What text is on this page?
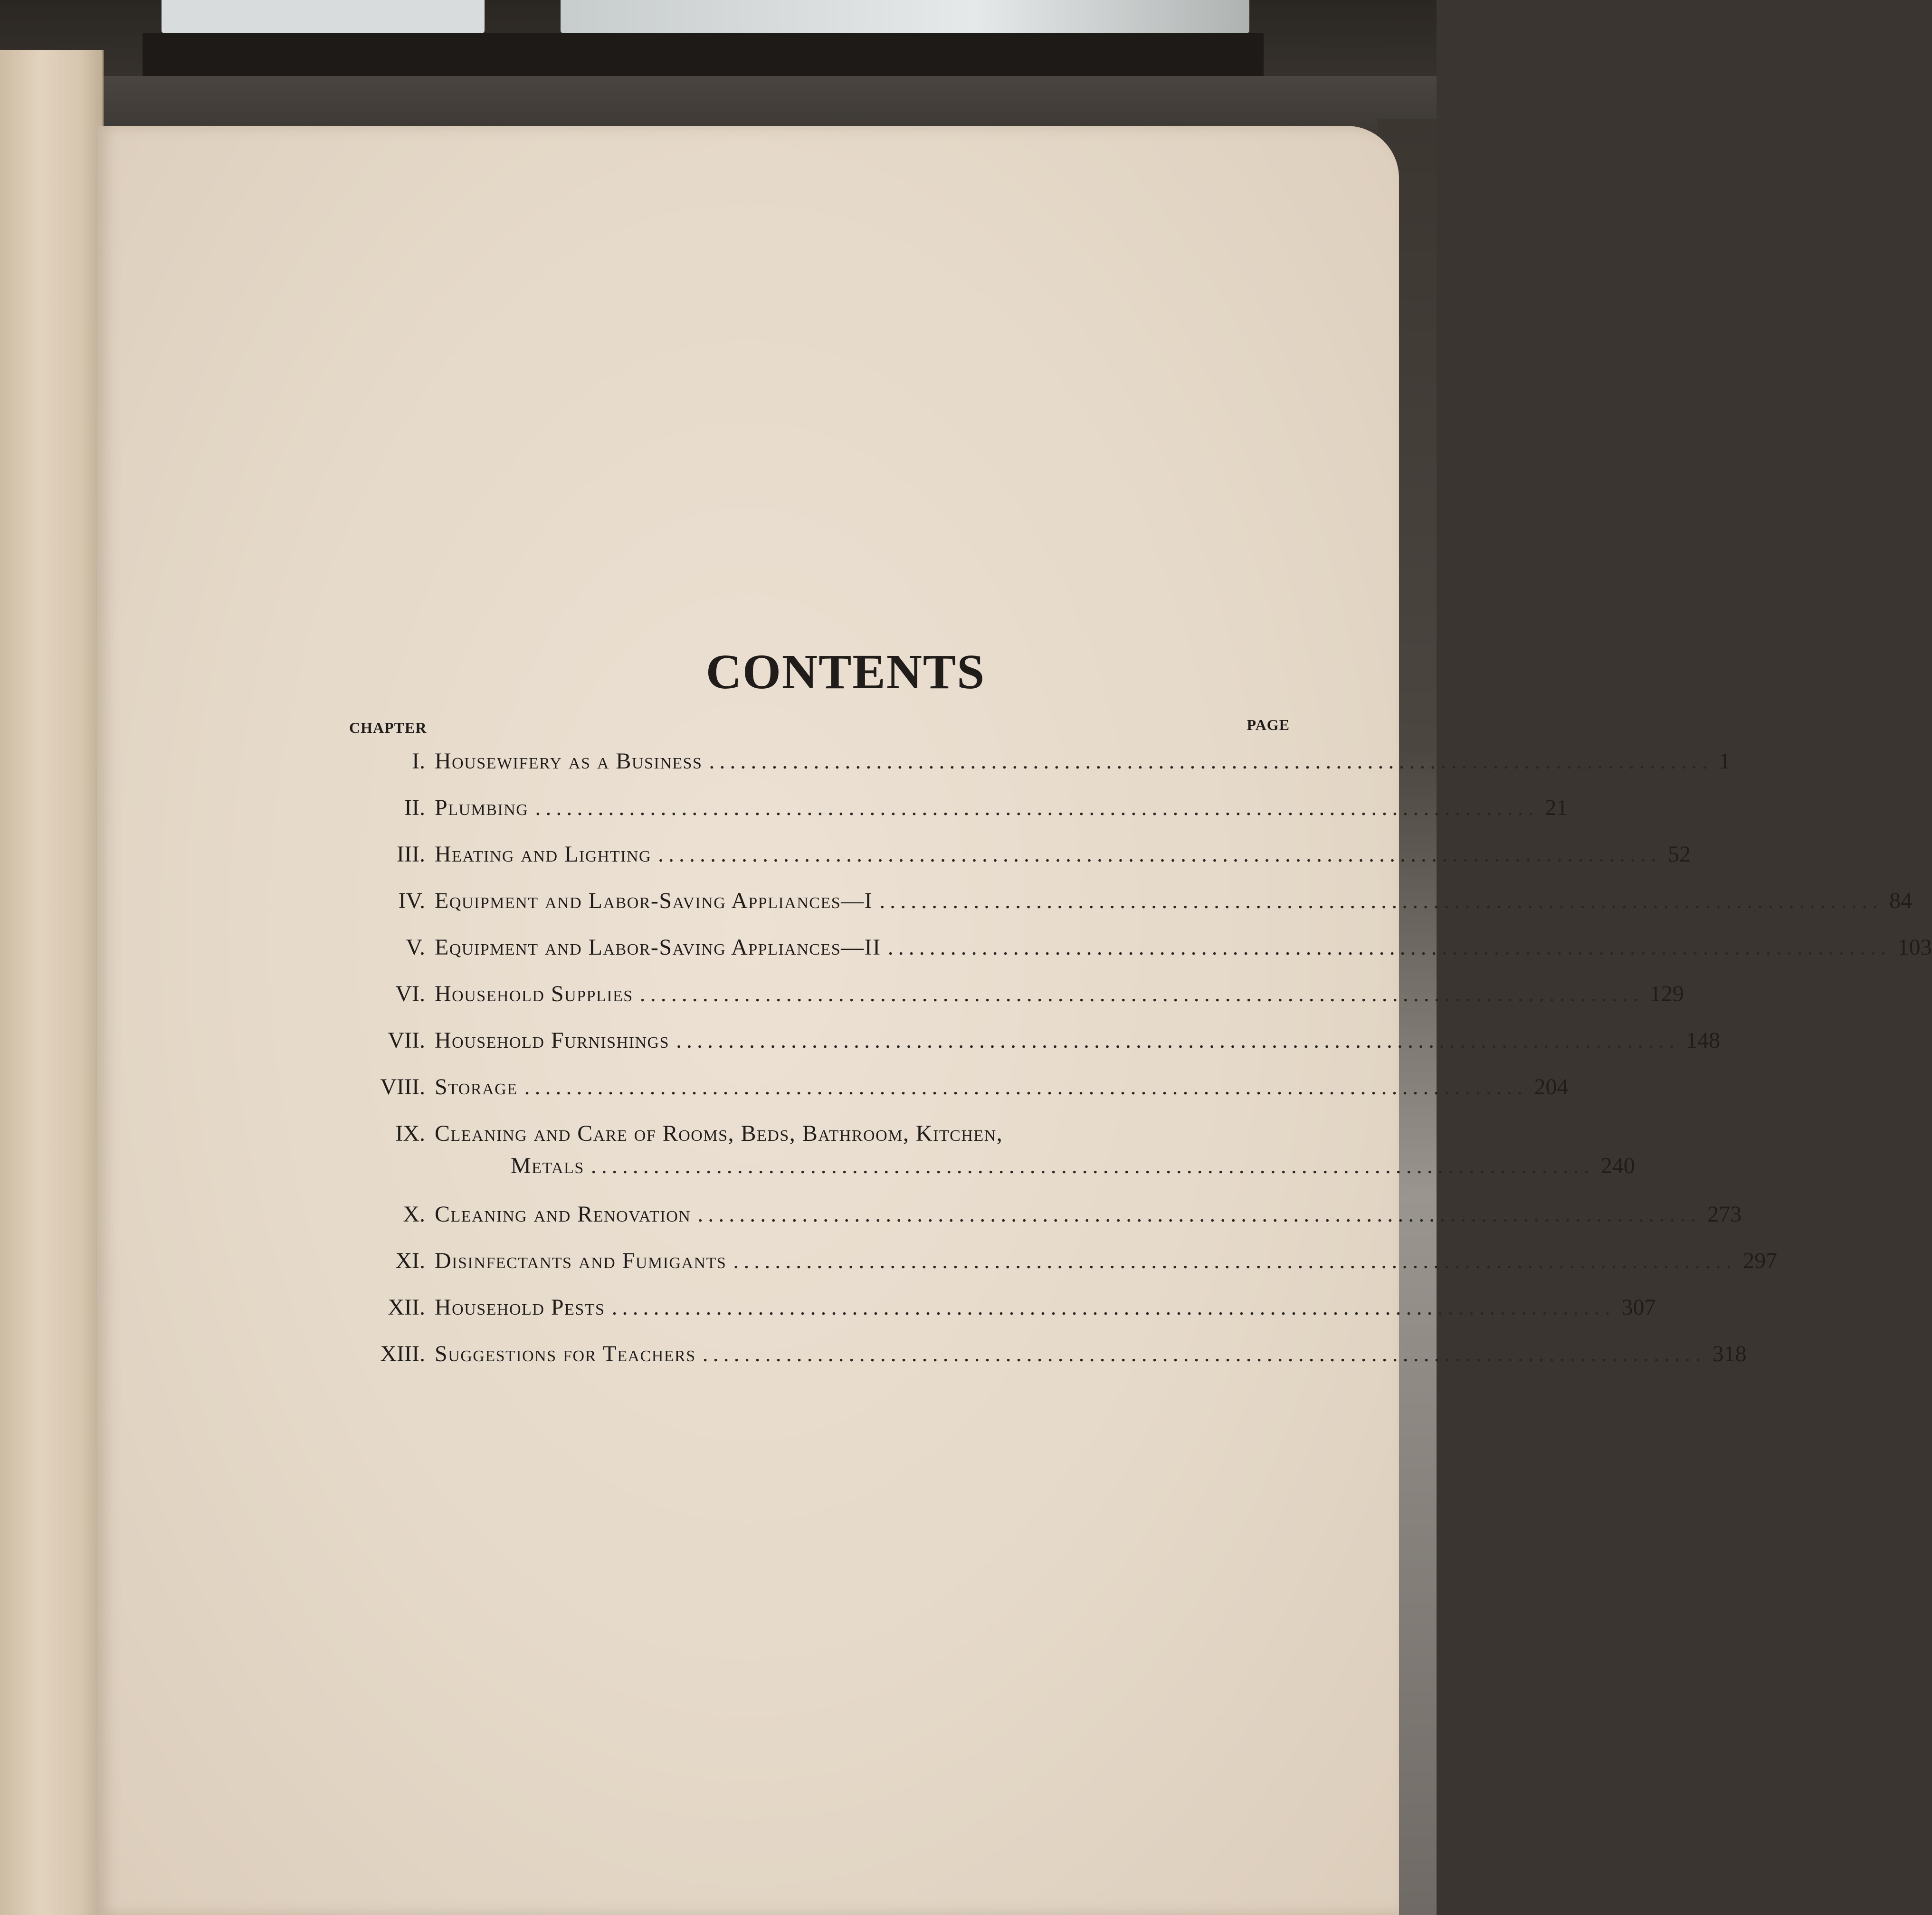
CONTENTS
CHAPTER	PAGE
I. Housewifery as a Business ................................................................................................ 1
II. Plumbing ................................................................................................ 21
III. Heating and Lighting ................................................................................................ 52
IV. Equipment and Labor-Saving Appliances—I ................................................................................................ 84
V. Equipment and Labor-Saving Appliances—II ................................................................................................ 103
VI. Household Supplies ................................................................................................ 129
VII. Household Furnishings ................................................................................................ 148
VIII. Storage ................................................................................................ 204
IX. Cleaning and Care of Rooms, Beds, Bathroom, Kitchen,
Metals ................................................................................................ 240
X. Cleaning and Renovation ................................................................................................ 273
XI. Disinfectants and Fumigants ................................................................................................ 297
XII. Household Pests ................................................................................................ 307
XIII. Suggestions for Teachers ................................................................................................ 318
